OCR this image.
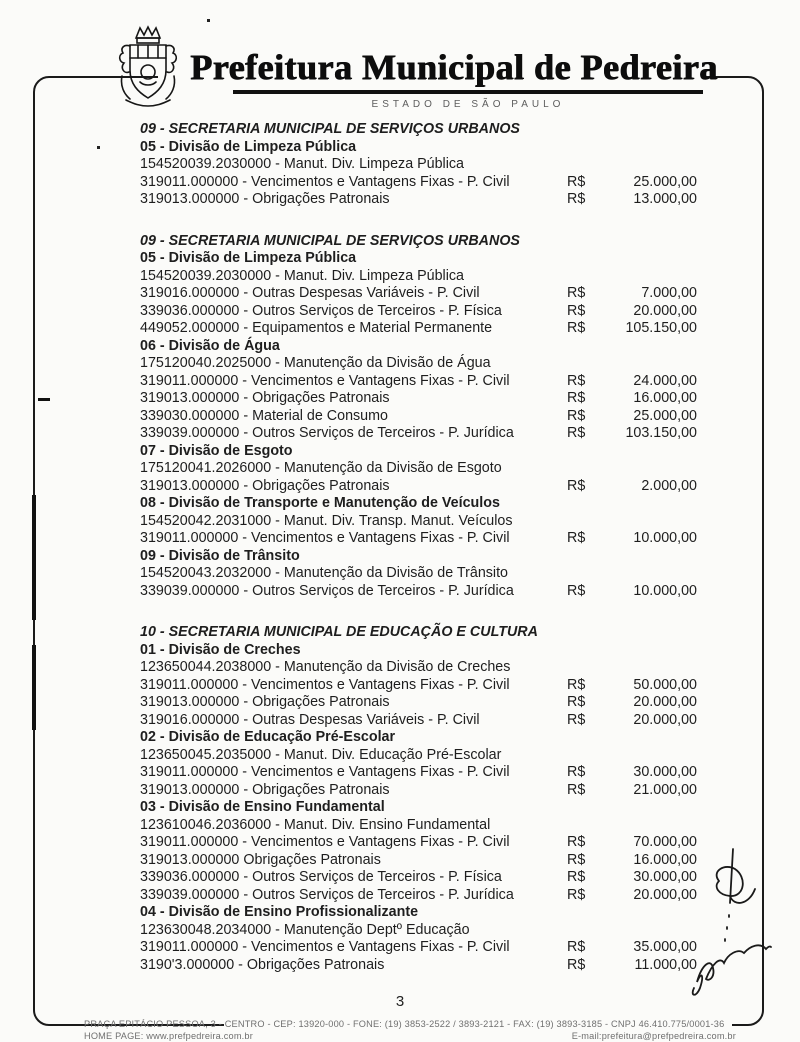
Prefeitura Municipal de Pedreira
ESTADO DE SÃO PAULO
09 - SECRETARIA MUNICIPAL DE SERVIÇOS URBANOS
05 - Divisão de Limpeza Pública
154520039.2030000 - Manut. Div. Limpeza Pública
319011.000000 - Vencimentos e Vantagens Fixas - P. Civil	R$	25.000,00
319013.000000 - Obrigações Patronais	R$	13.000,00
09 - SECRETARIA MUNICIPAL DE SERVIÇOS URBANOS
05 - Divisão de Limpeza Pública
154520039.2030000 - Manut. Div. Limpeza Pública
319016.000000 - Outras Despesas Variáveis - P. Civil	R$	7.000,00
339036.000000 - Outros Serviços de Terceiros - P. Física	R$	20.000,00
449052.000000 - Equipamentos e Material Permanente	R$	105.150,00
06 - Divisão de Água
175120040.2025000 - Manutenção da Divisão de Água
319011.000000 - Vencimentos e Vantagens Fixas - P. Civil	R$	24.000,00
319013.000000 - Obrigações Patronais	R$	16.000,00
339030.000000 - Material de Consumo	R$	25.000,00
339039.000000 - Outros Serviços de Terceiros - P. Jurídica	R$	103.150,00
07 - Divisão de Esgoto
175120041.2026000 - Manutenção da Divisão de Esgoto
319013.000000 - Obrigações Patronais	R$	2.000,00
08 - Divisão de Transporte e Manutenção de Veículos
154520042.2031000 - Manut. Div. Transp. Manut. Veículos
319011.000000 - Vencimentos e Vantagens Fixas - P. Civil	R$	10.000,00
09 - Divisão de Trânsito
154520043.2032000 - Manutenção da Divisão de Trânsito
339039.000000 - Outros Serviços de Terceiros - P. Jurídica	R$	10.000,00
10 - SECRETARIA MUNICIPAL DE EDUCAÇÃO E CULTURA
01 - Divisão de Creches
123650044.2038000 - Manutenção da Divisão de Creches
319011.000000 - Vencimentos e Vantagens Fixas - P. Civil	R$	50.000,00
319013.000000 - Obrigações Patronais	R$	20.000,00
319016.000000 - Outras Despesas Variáveis - P. Civil	R$	20.000,00
02 - Divisão de Educação Pré-Escolar
123650045.2035000 - Manut. Div. Educação Pré-Escolar
319011.000000 - Vencimentos e Vantagens Fixas - P. Civil	R$	30.000,00
319013.000000 - Obrigações Patronais	R$	21.000,00
03 - Divisão de Ensino Fundamental
123610046.2036000 - Manut. Div. Ensino Fundamental
319011.000000 - Vencimentos e Vantagens Fixas - P. Civil	R$	70.000,00
319013.000000 Obrigações Patronais	R$	16.000,00
339036.000000 - Outros Serviços de Terceiros - P. Física	R$	30.000,00
339039.000000 - Outros Serviços de Terceiros - P. Jurídica	R$	20.000,00
04 - Divisão de Ensino Profissionalizante
123630048.2034000 - Manutenção Deptº Educação
319011.000000 - Vencimentos e Vantagens Fixas - P. Civil	R$	35.000,00
3190'3.000000 - Obrigações Patronais	R$	11.000,00
3
PRAÇA EPITÁCIO PESSOA, 3 - CENTRO - CEP: 13920-000 - FONE: (19) 3853-2522 / 3893-2121 - FAX: (19) 3893-3185 - CNPJ 46.410.775/0001-36
HOME PAGE: www.prefpedreira.com.br	E-mail:prefeitura@prefpedreira.com.br
